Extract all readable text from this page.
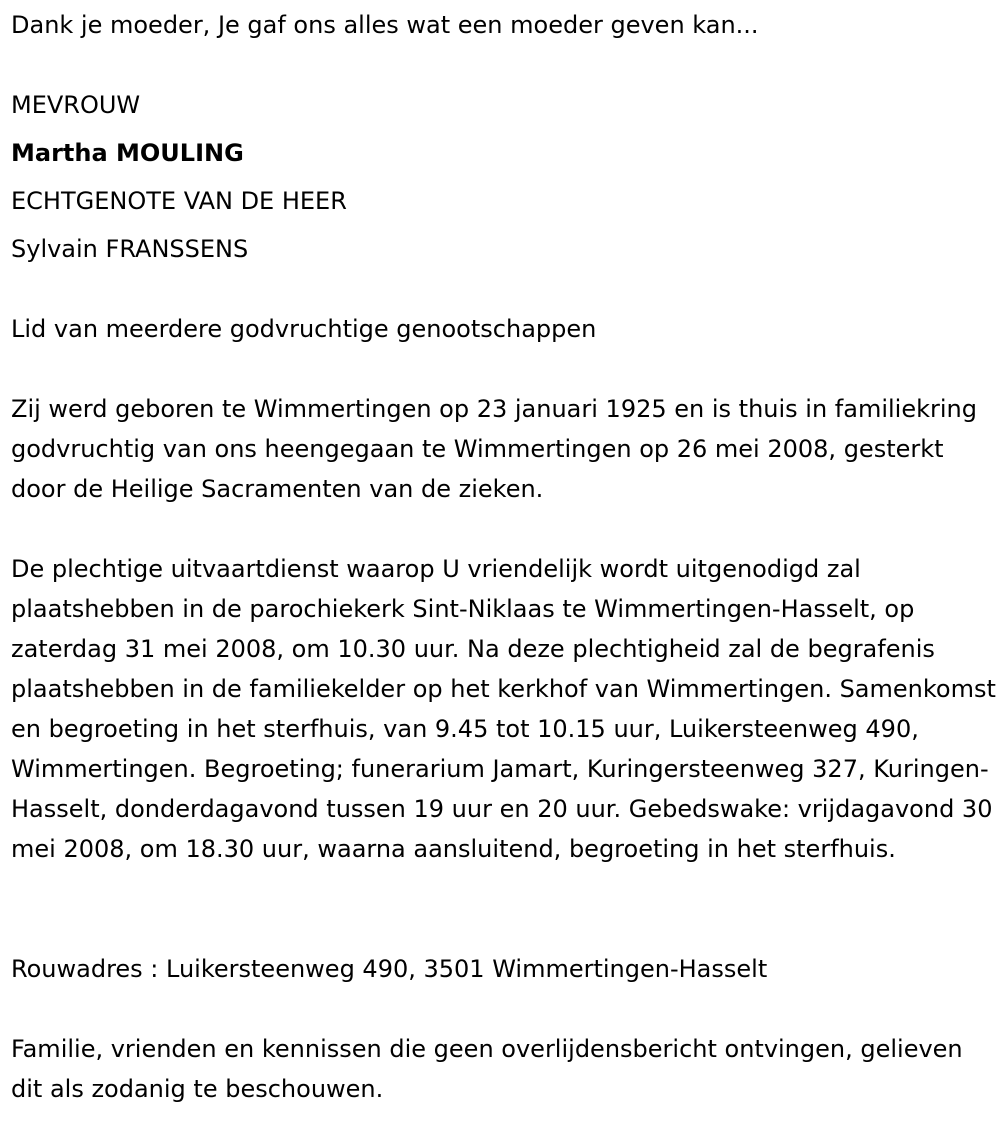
Dank je moeder, Je gaf ons alles wat een moeder geven kan...
MEVROUW
Martha MOULING
ECHTGENOTE VAN DE HEER
Sylvain FRANSSENS
Lid van meerdere godvruchtige genootschappen
Zij werd geboren te Wimmertingen op 23 januari 1925 en is thuis in familiekring godvruchtig van ons heengegaan te Wimmertingen op 26 mei 2008, gesterkt door de Heilige Sacramenten van de zieken.
De plechtige uitvaartdienst waarop U vriendelijk wordt uitgenodigd zal plaatshebben in de parochiekerk Sint-Niklaas te Wimmertingen-Hasselt, op zaterdag 31 mei 2008, om 10.30 uur. Na deze plechtigheid zal de begrafenis plaatshebben in de familiekelder op het kerkhof van Wimmertingen. Samenkomst en begroeting in het sterfhuis, van 9.45 tot 10.15 uur, Luikersteenweg 490, Wimmertingen. Begroeting; funerarium Jamart, Kuringersteenweg 327, Kuringen-Hasselt, donderdagavond tussen 19 uur en 20 uur. Gebedswake: vrijdagavond 30 mei 2008, om 18.30 uur, waarna aansluitend, begroeting in het sterfhuis.
Rouwadres : Luikersteenweg 490, 3501 Wimmertingen-Hasselt
Familie, vrienden en kennissen die geen overlijdensbericht ontvingen, gelieven dit als zodanig te beschouwen.
